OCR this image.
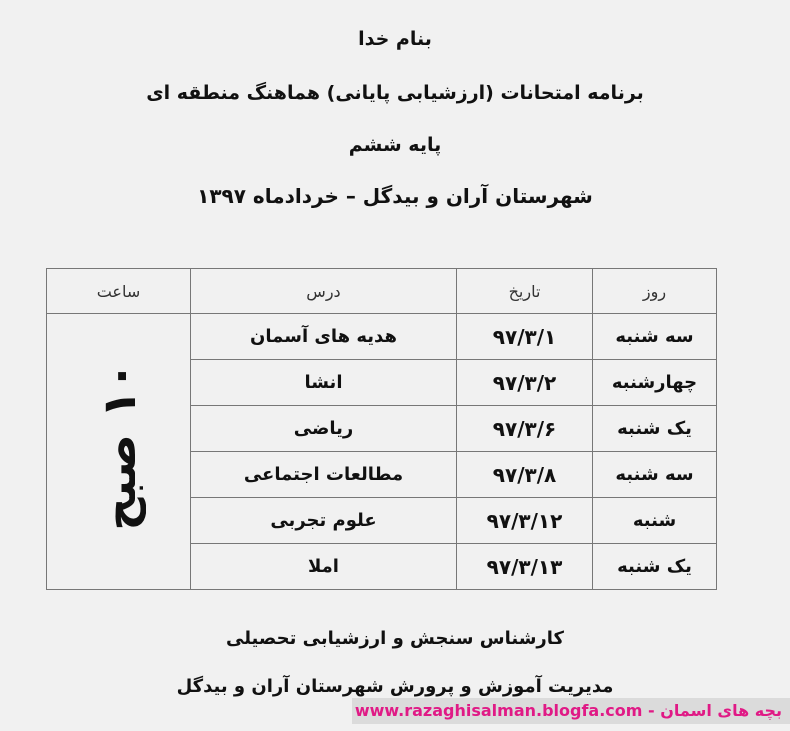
بنام خدا
برنامه امتحانات (ارزشیابی پایانی) هماهنگ منطقه ای
پایه ششم
شهرستان آران و بیدگل – خردادماه ۱۳۹۷
روز	تاریخ	درس	ساعت
سه شنبه	۹۷/۳/۱	هدیه های آسمان	۱۰ صبح
چهارشنبه	۹۷/۳/۲	انشا	
یک شنبه	۹۷/۳/۶	ریاضی	
سه شنبه	۹۷/۳/۸	مطالعات اجتماعی	
شنبه	۹۷/۳/۱۲	علوم تجربی	
یک شنبه	۹۷/۳/۱۳	املا	
کارشناس سنجش و ارزشیابی تحصیلی
مدیریت آموزش و پرورش شهرستان آران و بیدگل
www.razaghisalman.blogfa.com - بچه های اسمان
